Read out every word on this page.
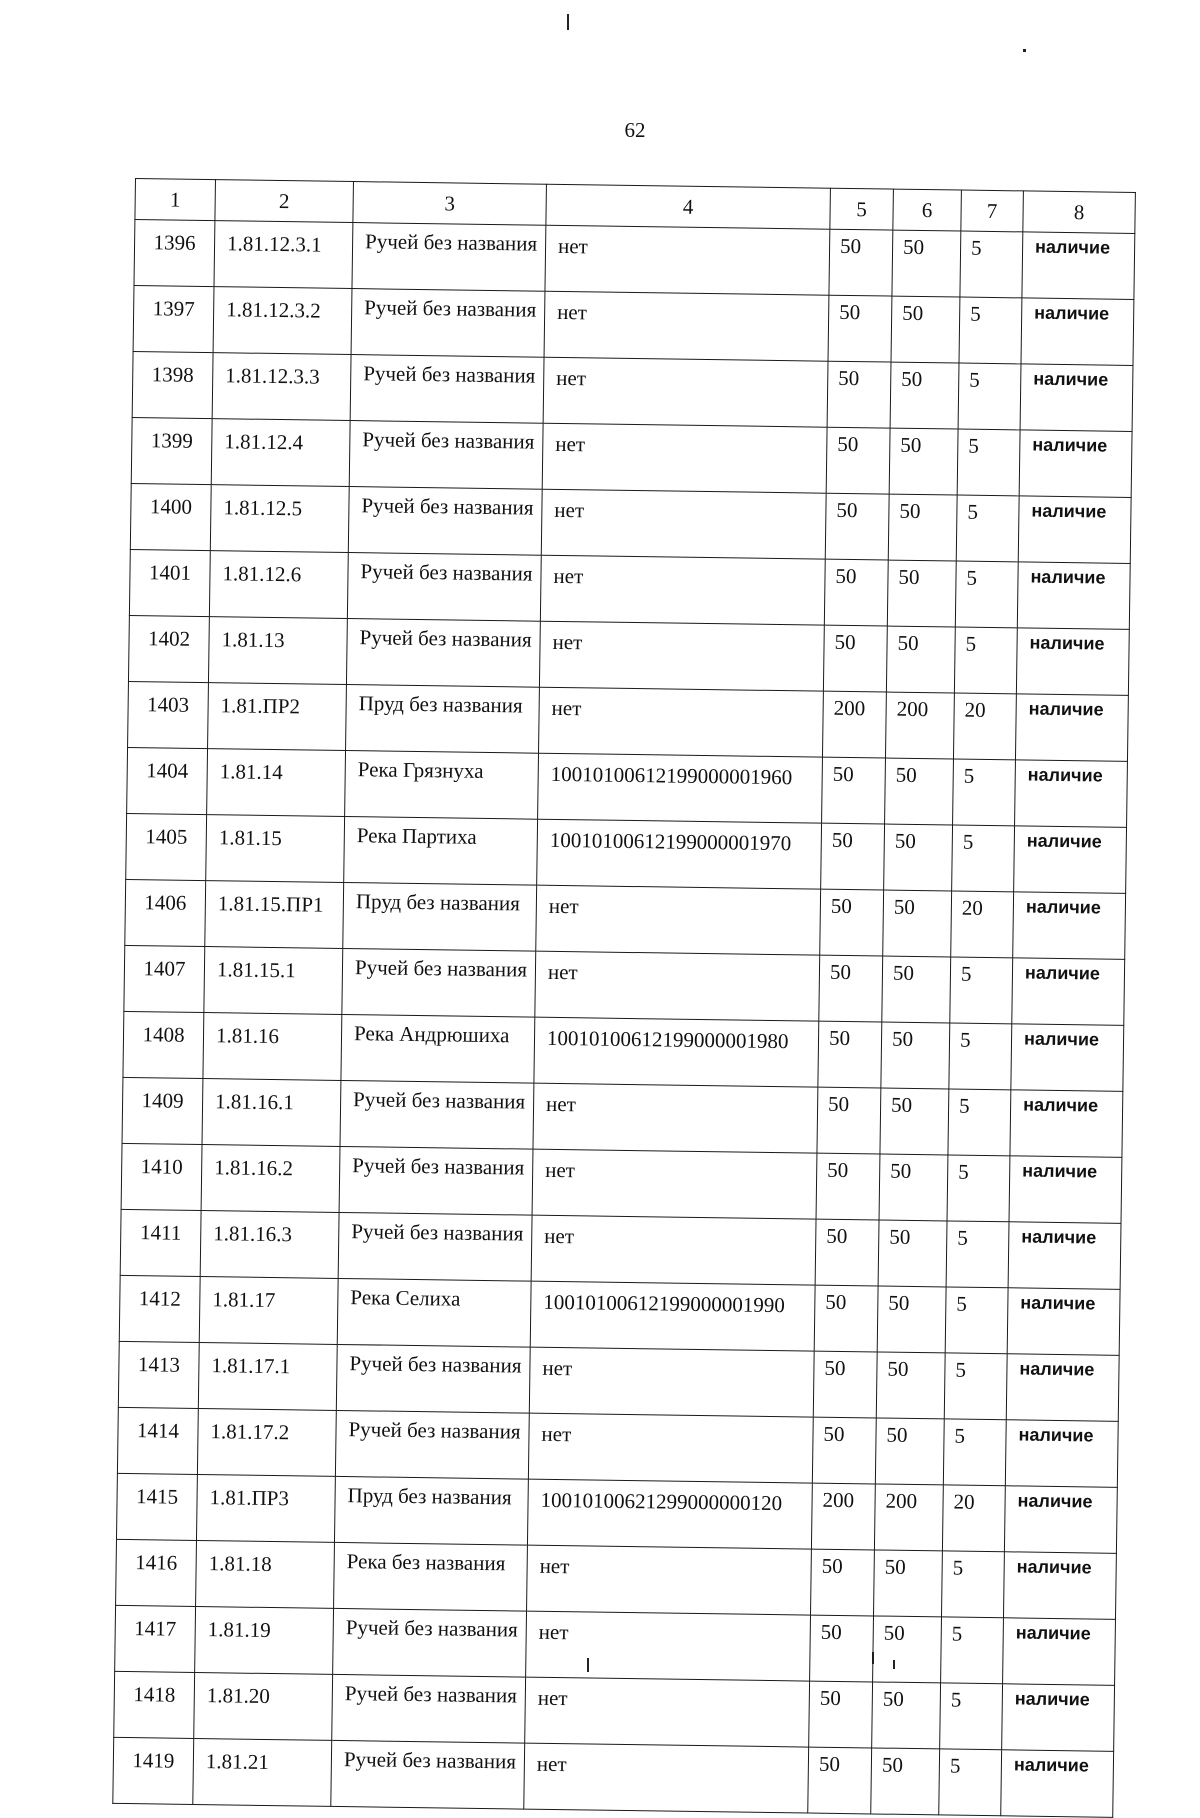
62
1	2	3	4	5	6	7	8
1396	1.81.12.3.1	Ручей без названия	нет	50	50	5	наличие
1397	1.81.12.3.2	Ручей без названия	нет	50	50	5	наличие
1398	1.81.12.3.3	Ручей без названия	нет	50	50	5	наличие
1399	1.81.12.4	Ручей без названия	нет	50	50	5	наличие
1400	1.81.12.5	Ручей без названия	нет	50	50	5	наличие
1401	1.81.12.6	Ручей без названия	нет	50	50	5	наличие
1402	1.81.13	Ручей без названия	нет	50	50	5	наличие
1403	1.81.ПР2	Пруд без названия	нет	200	200	20	наличие
1404	1.81.14	Река Грязнуха	10010100612199000001960	50	50	5	наличие
1405	1.81.15	Река Партиха	10010100612199000001970	50	50	5	наличие
1406	1.81.15.ПР1	Пруд без названия	нет	50	50	20	наличие
1407	1.81.15.1	Ручей без названия	нет	50	50	5	наличие
1408	1.81.16	Река Андрюшиха	10010100612199000001980	50	50	5	наличие
1409	1.81.16.1	Ручей без названия	нет	50	50	5	наличие
1410	1.81.16.2	Ручей без названия	нет	50	50	5	наличие
1411	1.81.16.3	Ручей без названия	нет	50	50	5	наличие
1412	1.81.17	Река Селиха	10010100612199000001990	50	50	5	наличие
1413	1.81.17.1	Ручей без названия	нет	50	50	5	наличие
1414	1.81.17.2	Ручей без названия	нет	50	50	5	наличие
1415	1.81.ПР3	Пруд без названия	10010100621299000000120	200	200	20	наличие
1416	1.81.18	Река без названия	нет	50	50	5	наличие
1417	1.81.19	Ручей без названия	нет	50	50	5	наличие
1418	1.81.20	Ручей без названия	нет	50	50	5	наличие
1419	1.81.21	Ручей без названия	нет	50	50	5	наличие
